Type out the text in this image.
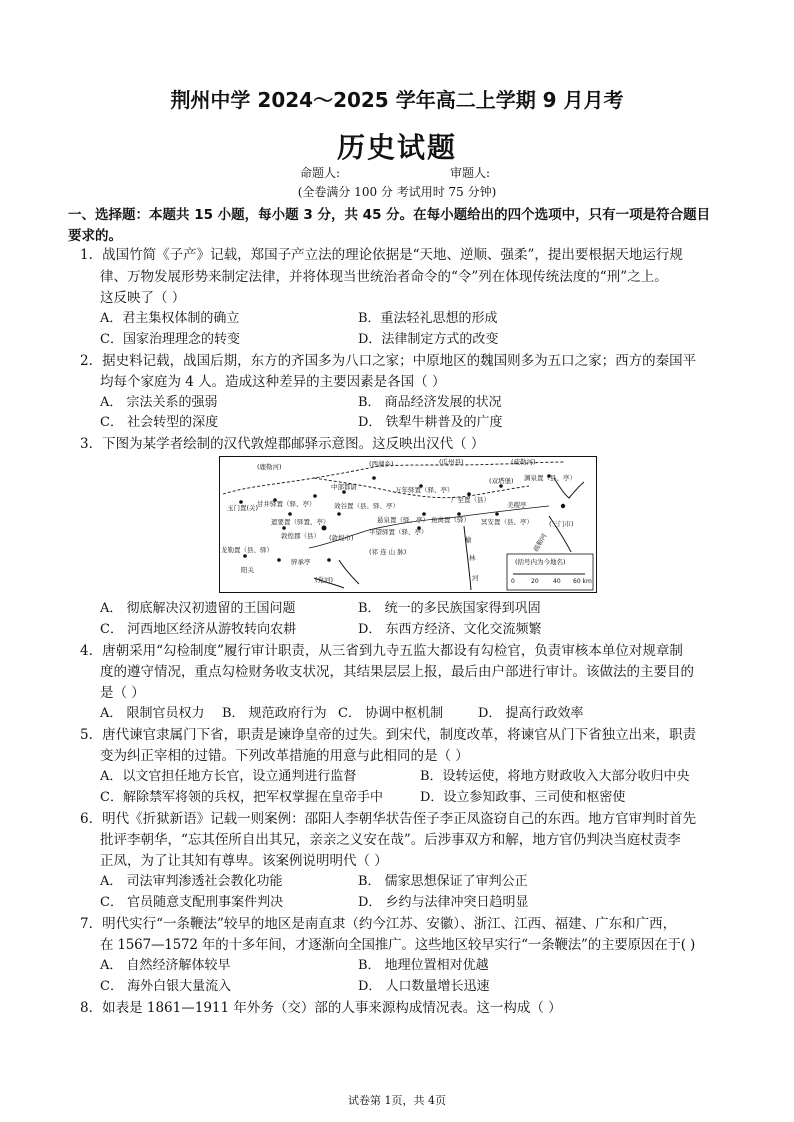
荆州中学 2024～2025 学年高二上学期 9 月月考
历史试题
命题人:	审题人:
(全卷满分 100 分 考试用时 75 分钟)
一、选择题：本题共 15 小题，每小题 3 分，共 45 分。在每小题给出的四个选项中，只有一项是符合题目
要求的。
1．战国竹简《子产》记载，郑国子产立法的理论依据是“天地、逆顺、强柔”，提出要根据天地运行规
律、万物发展形势来制定法律，并将体现当世统治者命令的“令”列在体现传统法度的“刑”之上。
这反映了（ ）
A．君主集权体制的确立	B．重法轻礼思想的形成
C．国家治理理念的转变	D．法律制定方式的改变
2．据史料记载，战国后期，东方的齐国多为八口之家；中原地区的魏国则多为五口之家；西方的秦国平
均每个家庭为 4 人。造成这种差异的主要因素是各国（ ）
A． 宗法关系的强弱	B． 商品经济发展的状况
C． 社会转型的深度	D． 铁犁牛耕普及的广度
3．下图为某学者绘制的汉代敦煌郡邮驿示意图。这反映出汉代（ ）
(鹿勒河)	(西湖乡)	(瓜州县)	(疏勒河)
中部都尉	万年驿置（驿、亭）
(双塔堡) 渊泉置（县、亭）
玉门置(关)
甘井驿置（驿、亭）	效谷置（县、驿、亭）
广至置（县）
美稷亭
遮要置（驿置、亭）	悬泉置（驿、亭） 鱼离置（驿） 冥安置（县、亭） (三门市)
敦煌郡（县） (敦煌市)
平望驿置（驿、亭）
龙勒置（县、驿）
阳关
(祁 连 山 脉)
骍承亭
(党河)
榆
林
河
疏勒河
(括号内为今地名)
0	20 40 60 km
A． 彻底解决汉初遗留的王国问题	B． 统一的多民族国家得到巩固
C． 河西地区经济从游牧转向农耕	D． 东西方经济、文化交流频繁
4．唐朝采用“勾检制度”履行审计职责，从三省到九寺五监大都设有勾检官，负责审核本单位对规章制
度的遵守情况，重点勾检财务收支状况，其结果层层上报，最后由户部进行审计。该做法的主要目的
是（ ）
A． 限制官员权力 B． 规范政府行为 C． 协调中枢机制	D． 提高行政效率
5．唐代谏官隶属门下省，职责是谏诤皇帝的过失。到宋代，制度改革，将谏官从门下省独立出来，职责
变为纠正宰相的过错。下列改革措施的用意与此相同的是（ ）
A．以文官担任地方长官，设立通判进行监督	B．设转运使，将地方财政收入大部分收归中央
C．解除禁军将领的兵权，把军权掌握在皇帝手中	D．设立参知政事、三司使和枢密使
6．明代《折狱新语》记载一则案例：邵阳人李朝华状告侄子李正凤盗窃自己的东西。地方官审判时首先
批评李朝华，“忘其侄所自出其兄，亲亲之义安在哉”。后涉事双方和解，地方官仍判决当庭杖责李
正凤，为了让其知有尊卑。该案例说明明代（ ）
A． 司法审判渗透社会教化功能	B． 儒家思想保证了审判公正
C． 官员随意支配刑事案件判决	D． 乡约与法律冲突日趋明显
7．明代实行“一条鞭法”较早的地区是南直隶（约今江苏、安徽）、浙江、江西、福建、广东和广西，
在 1567—1572 年的十多年间，才逐渐向全国推广。这些地区较早实行“一条鞭法”的主要原因在于( )
A． 自然经济解体较早	B． 地理位置相对优越
C． 海外白银大量流入	D． 人口数量增长迅速
8．如表是 1861—1911 年外务（交）部的人事来源构成情况表。这一构成（ ）
试卷第 1页，共 4页
